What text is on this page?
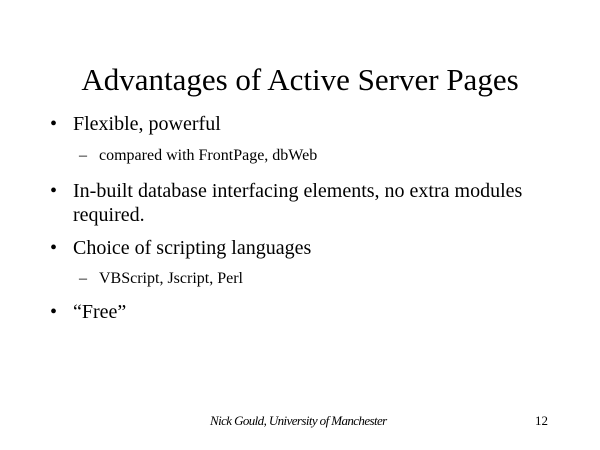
Advantages of Active Server Pages
• Flexible, powerful
– compared with FrontPage, dbWeb
• In-built database interfacing elements, no extra modules required.
• Choice of scripting languages
– VBScript, Jscript, Perl
• “Free”
Nick Gould, University of Manchester	12
